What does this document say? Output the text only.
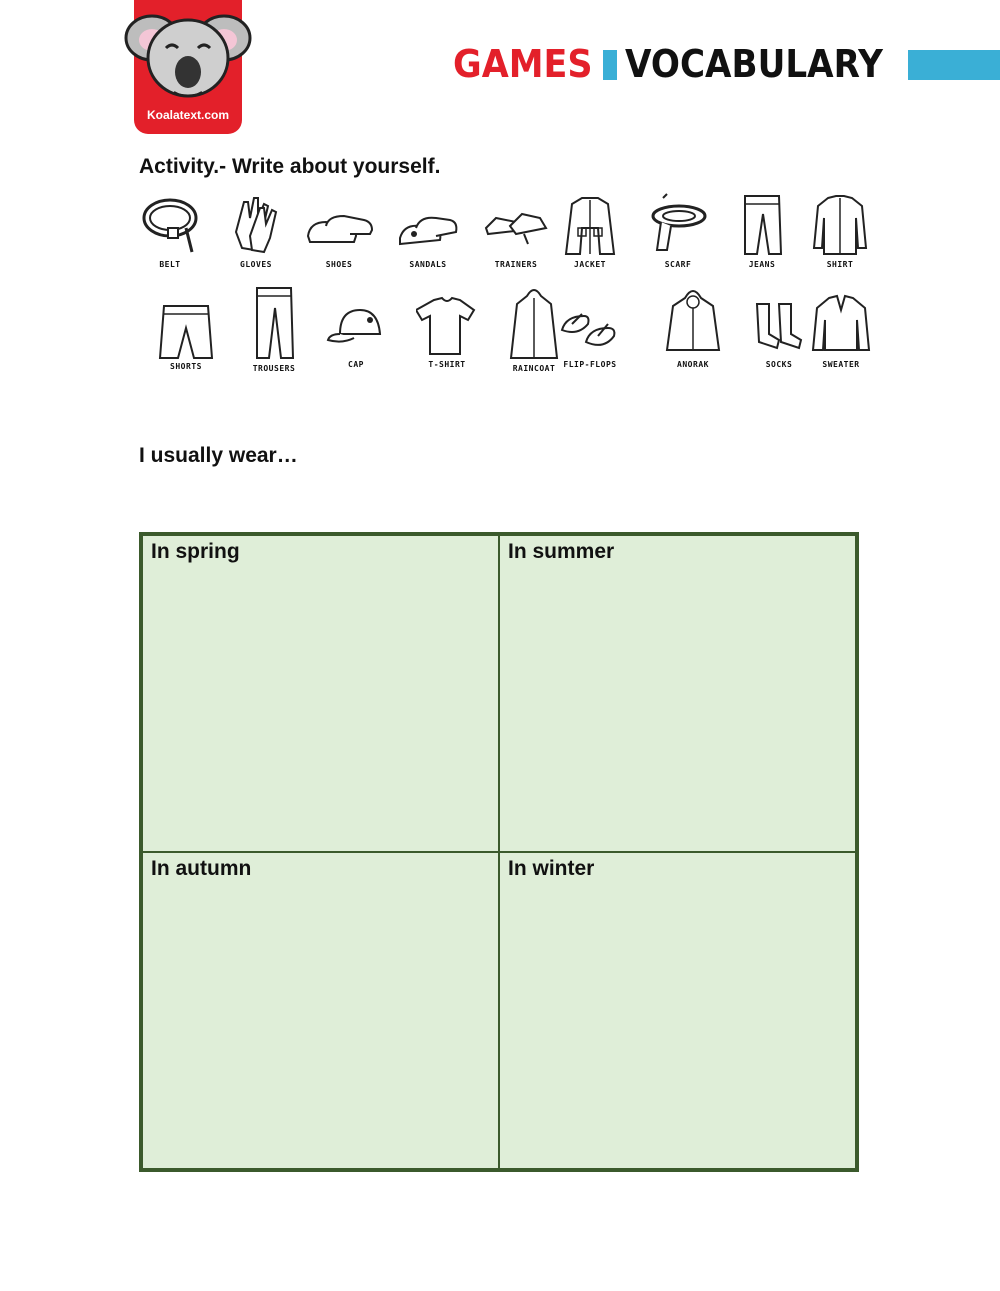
Koalatext.com
GAMES VOCABULARY
Activity.- Write about yourself.
BELT	GLOVES	SHOES	SANDALS	TRAINERS	JACKET	SCARF	JEANS	SHIRT
SHORTS	TROUSERS	CAP	T-SHIRT	RAINCOAT	FLIP-FLOPS	ANORAK	SOCKS	SWEATER
I usually wear…
In spring	In summer
In autumn	In winter
